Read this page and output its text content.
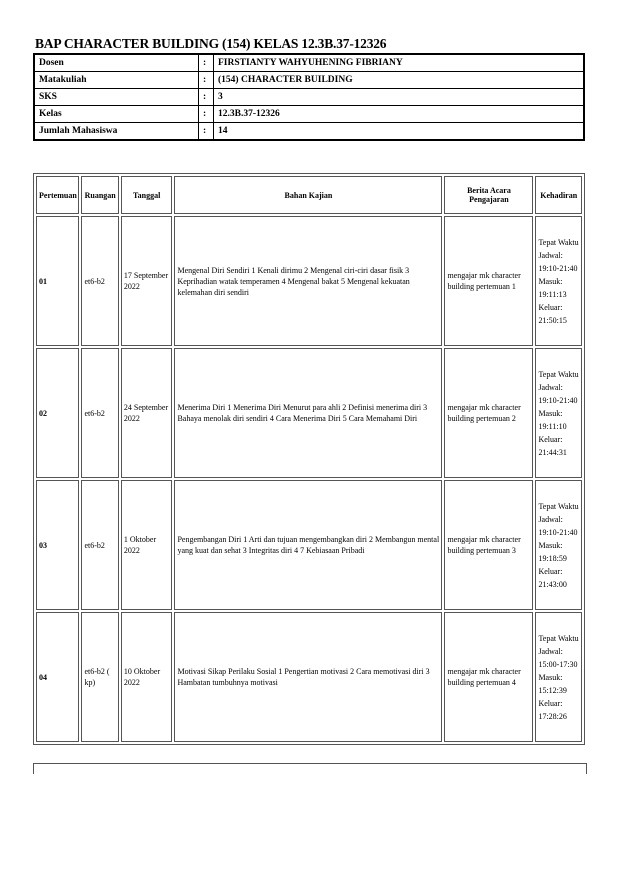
BAP CHARACTER BUILDING (154) KELAS 12.3B.37-12326
Dosen	:	FIRSTIANTY WAHYUHENING FIBRIANY
Matakuliah	:	(154) CHARACTER BUILDING
SKS	:	3
Kelas	:	12.3B.37-12326
Jumlah Mahasiswa	:	14
Pertemuan	Ruangan	Tanggal	Bahan Kajian	Berita Acara Pengajaran	Kehadiran
01	et6-b2	17 September 2022	Mengenal Diri Sendiri 1 Kenali dirimu 2 Mengenal ciri-ciri dasar fisik 3 Keprihadian watak temperamen 4 Mengenal bakat 5 Mengenal kekuatan kelemahan diri sendiri	mengajar mk character building pertemuan 1	Tepat Waktu Jadwal: 19:10-21:40 Masuk: 19:11:13 Keluar: 21:50:15
02	et6-b2	24 September 2022	Menerima Diri 1 Menerima Diri Menurut para ahli 2 Definisi menerima diri 3 Bahaya menolak diri sendiri 4 Cara Menerima Diri 5 Cara Memahami Diri	mengajar mk character building pertemuan 2	Tepat Waktu Jadwal: 19:10-21:40 Masuk: 19:11:10 Keluar: 21:44:31
03	et6-b2	1 Oktober 2022	Pengembangan Diri 1 Arti dan tujuan mengembangkan diri 2 Membangun mental yang kuat dan sehat 3 Integritas diri 4 7 Kebiasaan Pribadi	mengajar mk character building pertemuan 3	Tepat Waktu Jadwal: 19:10-21:40 Masuk: 19:18:59 Keluar: 21:43:00
04	et6-b2 ( kp)	10 Oktober 2022	Motivasi Sikap Perilaku Sosial 1 Pengertian motivasi 2 Cara memotivasi diri 3 Hambatan tumbuhnya motivasi	mengajar mk character building pertemuan 4	Tepat Waktu Jadwal: 15:00-17:30 Masuk: 15:12:39 Keluar: 17:28:26
